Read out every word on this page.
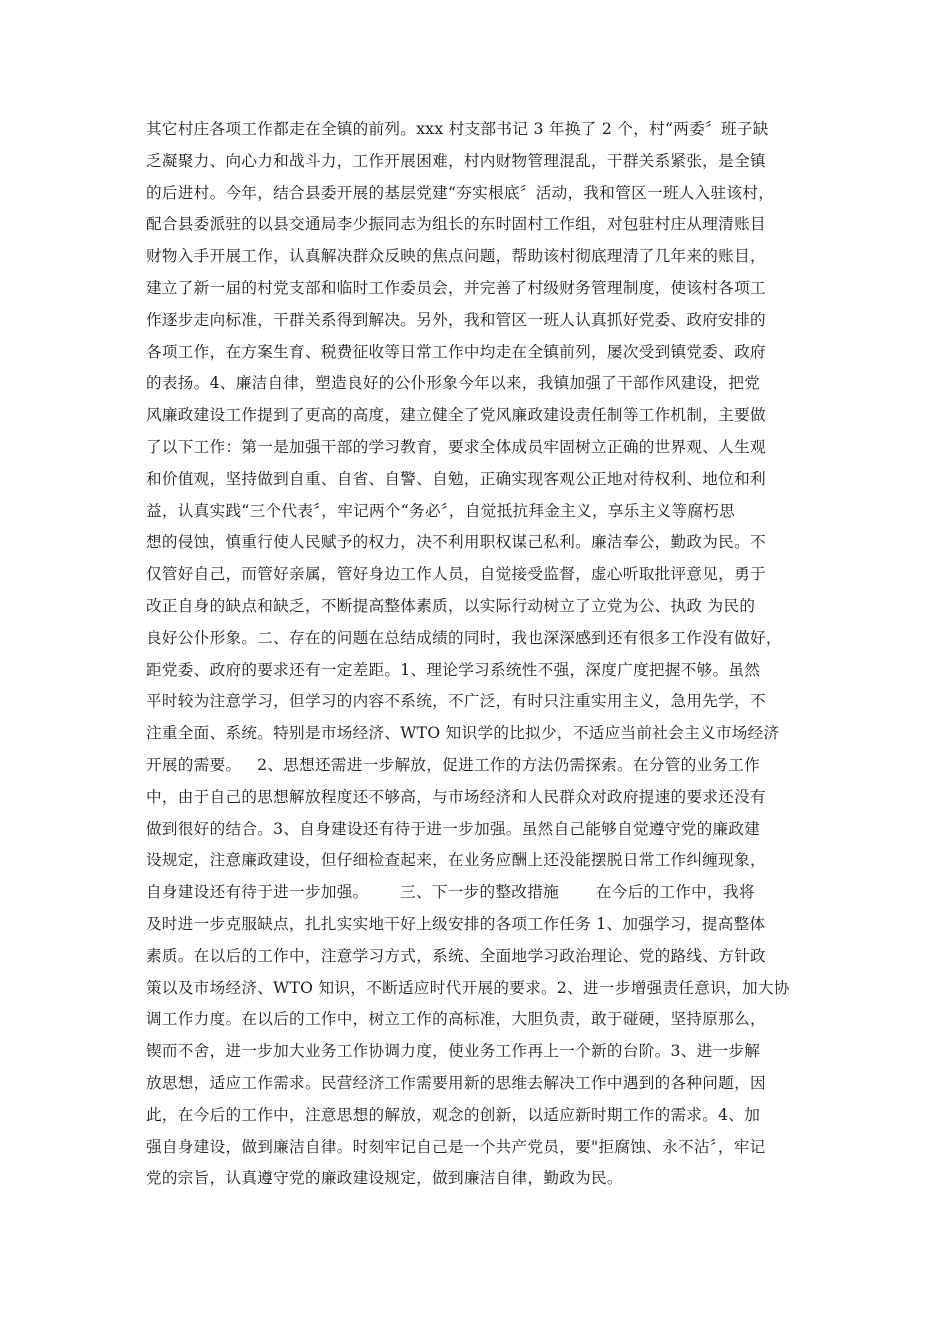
其它村庄各项工作都走在全镇的前列。xxx 村支部书记 3 年换了 2 个，村“两委〞班子缺
乏凝聚力、向心力和战斗力，工作开展困难，村内财物管理混乱，干群关系紧张，是全镇
的后进村。今年，结合县委开展的基层党建“夯实根底〞活动，我和管区一班人入驻该村，
配合县委派驻的以县交通局李少振同志为组长的东时固村工作组，对包驻村庄从理清账目
财物入手开展工作，认真解决群众反映的焦点问题，帮助该村彻底理清了几年来的账目，
建立了新一届的村党支部和临时工作委员会，并完善了村级财务管理制度，使该村各项工
作逐步走向标准，干群关系得到解决。另外，我和管区一班人认真抓好党委、政府安排的
各项工作，在方案生育、税费征收等日常工作中均走在全镇前列，屡次受到镇党委、政府
的表扬。4、廉洁自律，塑造良好的公仆形象今年以来，我镇加强了干部作风建设，把党
风廉政建设工作提到了更高的高度，建立健全了党风廉政建设责任制等工作机制，主要做
了以下工作：第一是加强干部的学习教育，要求全体成员牢固树立正确的世界观、人生观
和价值观，坚持做到自重、自省、自警、自勉，正确实现客观公正地对待权利、地位和利
益，认真实践“三个代表〞，牢记两个“务必〞，自觉抵抗拜金主义，享乐主义等腐朽思
想的侵蚀，慎重行使人民赋予的权力，决不利用职权谋己私利。廉洁奉公，勤政为民。不
仅管好自己，而管好亲属，管好身边工作人员，自觉接受监督，虚心听取批评意见，勇于
改正自身的缺点和缺乏，不断提高整体素质，以实际行动树立了立党为公、执政 为民的
良好公仆形象。二、存在的问题在总结成绩的同时，我也深深感到还有很多工作没有做好，
距党委、政府的要求还有一定差距。1、理论学习系统性不强，深度广度把握不够。虽然
平时较为注意学习，但学习的内容不系统，不广泛，有时只注重实用主义，急用先学，不
注重全面、系统。特别是市场经济、WTO 知识学的比拟少，不适应当前社会主义市场经济
开展的需要。   2、思想还需进一步解放，促进工作的方法仍需探索。在分管的业务工作
中，由于自己的思想解放程度还不够高，与市场经济和人民群众对政府提速的要求还没有
做到很好的结合。3、自身建设还有待于进一步加强。虽然自己能够自觉遵守党的廉政建
设规定，注意廉政建设，但仔细检查起来，在业务应酬上还没能摆脱日常工作纠缠现象，
自身建设还有待于进一步加强。      三、下一步的整改措施       在今后的工作中，我将
及时进一步克服缺点，扎扎实实地干好上级安排的各项工作任务 1、加强学习，提高整体
素质。在以后的工作中，注意学习方式，系统、全面地学习政治理论、党的路线、方针政
策以及市场经济、WTO 知识，不断适应时代开展的要求。2、进一步增强责任意识，加大协
调工作力度。在以后的工作中，树立工作的高标准，大胆负责，敢于碰硬，坚持原那么，
锲而不舍，进一步加大业务工作协调力度，使业务工作再上一个新的台阶。3、进一步解
放思想，适应工作需求。民营经济工作需要用新的思维去解决工作中遇到的各种问题，因
此，在今后的工作中，注意思想的解放，观念的创新，以适应新时期工作的需求。4、加
强自身建设，做到廉洁自律。时刻牢记自己是一个共产党员，要"拒腐蚀、永不沾〞，牢记
党的宗旨，认真遵守党的廉政建设规定，做到廉洁自律，勤政为民。
